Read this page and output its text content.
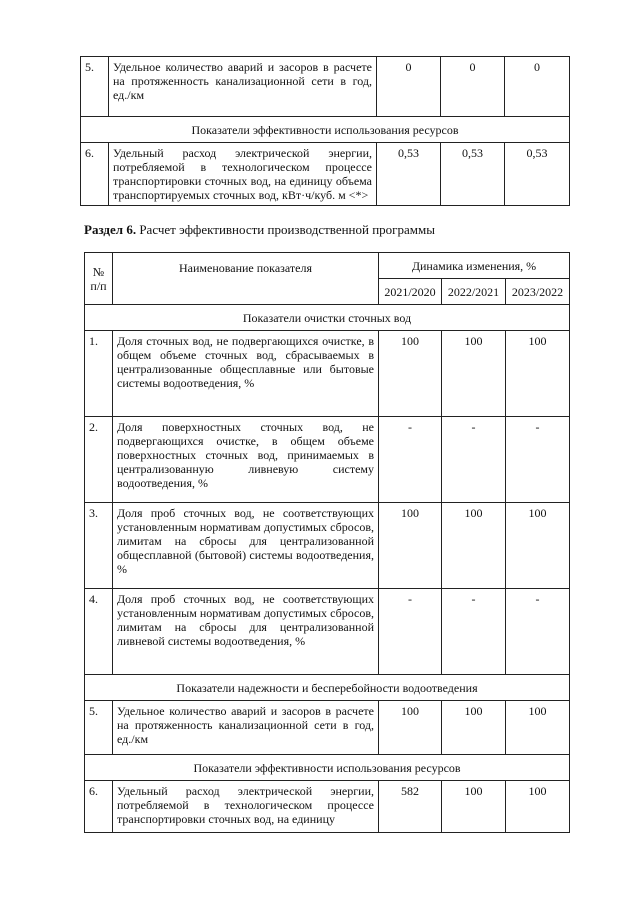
5.	Удельное количество аварий и засоров в расчете на протяженность канализационной сети в год, ед./км	0	0	0
Показатели эффективности использования ресурсов				
6.	Удельный расход электрической энергии, потребляемой в технологическом процессе транспортировки сточных вод, на единицу объема транспортируемых сточных вод, кВт·ч/куб. м <*>	0,53	0,53	0,53
Раздел 6. Расчет эффективности производственной программы
№ п/п	Наименование показателя	Динамика изменения, %		
		2021/2020	2022/2021	2023/2022
Показатели очистки сточных вод				
1.	Доля сточных вод, не подвергающихся очистке, в общем объеме сточных вод, сбрасываемых в централизованные общесплавные или бытовые системы водоотведения, %	100	100	100
2.	Доля поверхностных сточных вод, не подвергающихся очистке, в общем объеме поверхностных сточных вод, принимаемых в централизованную ливневую систему водоотведения, %	-	-	-
3.	Доля проб сточных вод, не соответствующих установленным нормативам допустимых сбросов, лимитам на сбросы для централизованной общесплавной (бытовой) системы водоотведения, %	100	100	100
4.	Доля проб сточных вод, не соответствующих установленным нормативам допустимых сбросов, лимитам на сбросы для централизованной ливневой системы водоотведения, %	-	-	-
Показатели надежности и бесперебойности водоотведения				
5.	Удельное количество аварий и засоров в расчете на протяженность канализационной сети в год, ед./км	100	100	100
Показатели эффективности использования ресурсов				
6.	Удельный расход электрической энергии, потребляемой в технологическом процессе транспортировки сточных вод, на единицу	582	100	100
